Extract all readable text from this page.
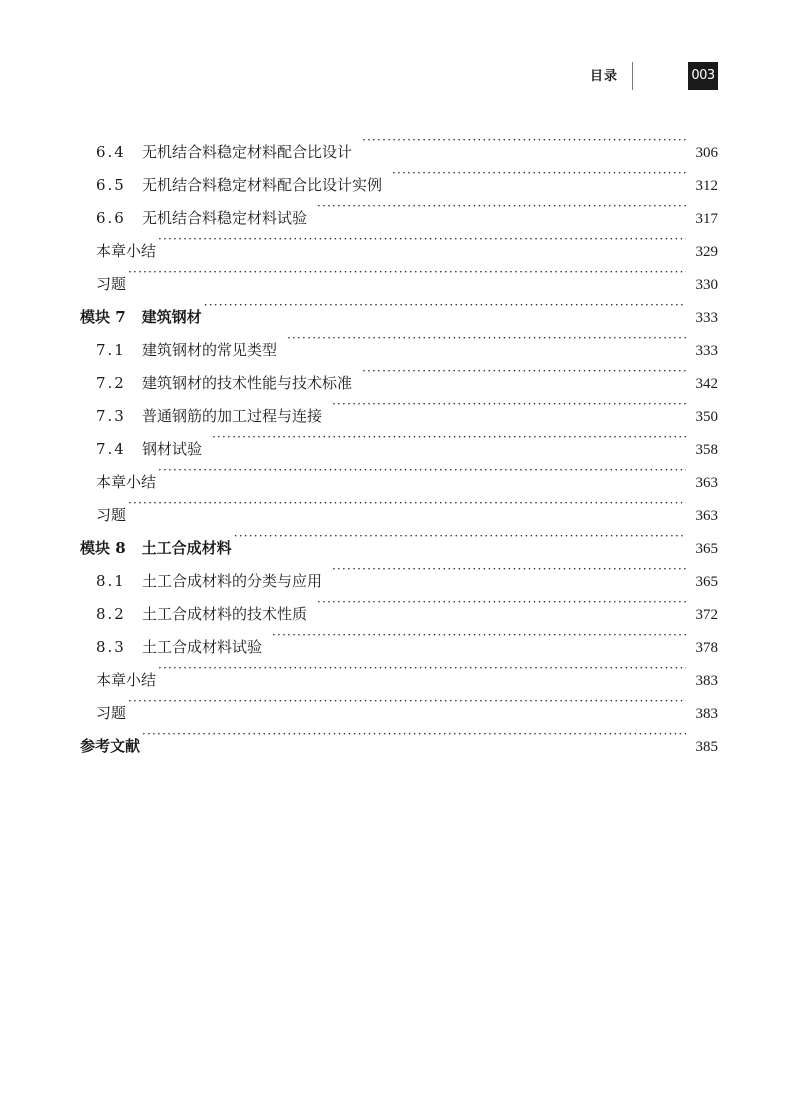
目录	003
6.4	无机结合料稳定材料配合比设计 ·····	306
6.5	无机结合料稳定材料配合比设计实例 ·····	312
6.6	无机结合料稳定材料试验 ·····	317
本章小结 ·····	329
习题 ·····	330
模块 7	建筑钢材 ·····	333
7.1	建筑钢材的常见类型 ·····	333
7.2	建筑钢材的技术性能与技术标准 ·····	342
7.3	普通钢筋的加工过程与连接 ·····	350
7.4	钢材试验 ·····	358
本章小结 ·····	363
习题 ·····	363
模块 8	土工合成材料 ·····	365
8.1	土工合成材料的分类与应用 ·····	365
8.2	土工合成材料的技术性质 ·····	372
8.3	土工合成材料试验 ·····	378
本章小结 ·····	383
习题 ·····	383
参考文献 ·····	385
